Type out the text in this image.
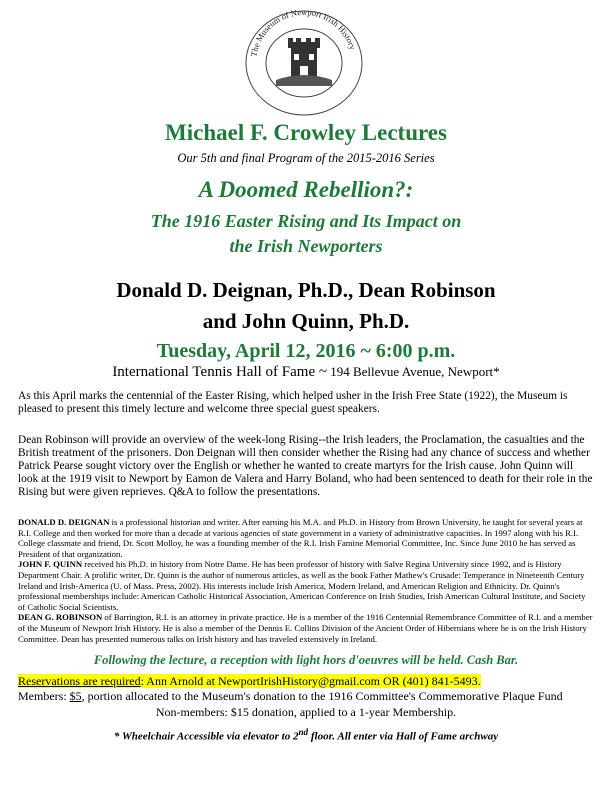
The Museum of Newport Irish History
Michael F. Crowley Lectures
Our 5th and final Program of the 2015-2016 Series
A Doomed Rebellion?:
The 1916 Easter Rising and Its Impact on
the Irish Newporters
Donald D. Deignan, Ph.D., Dean Robinson
and John Quinn, Ph.D.
Tuesday, April 12, 2016 ~ 6:00 p.m.
International Tennis Hall of Fame ~ 194 Bellevue Avenue, Newport*
As this April marks the centennial of the Easter Rising, which helped usher in the Irish Free State (1922), the Museum is pleased to present this timely lecture and welcome three special guest speakers.
Dean Robinson will provide an overview of the week-long Rising--the Irish leaders, the Proclamation, the casualties and the British treatment of the prisoners. Don Deignan will then consider whether the Rising had any chance of success and whether Patrick Pearse sought victory over the English or whether he wanted to create martyrs for the Irish cause. John Quinn will look at the 1919 visit to Newport by Eamon de Valera and Harry Boland, who had been sentenced to death for their role in the Rising but were given reprieves. Q&A to follow the presentations.

DONALD D. DEIGNAN is a professional historian and writer. After earning his M.A. and Ph.D. in History from Brown University, he taught for several years at R.I. College and then worked for more than a decade at various agencies of state government in a variety of administrative capacities. In 1997 along with his R.I. College classmate and friend, Dr. Scott Molloy, he was a founding member of the R.I. Irish Famine Memorial Committee, Inc. Since June 2010 he has served as President of that organization.

JOHN F. QUINN received his Ph.D. in history from Notre Dame. He has been professor of history with Salve Regina University since 1992, and is History Department Chair. A prolific writer, Dr. Quinn is the author of numerous articles, as well as the book Father Mathew's Crusade: Temperance in Nineteenth Century Ireland and Irish-America (U. of Mass. Press, 2002). His interests include Irish America, Modern Ireland, and American Religion and Ethnicity. Dr. Quinn's professional memberships include: American Catholic Historical Association, American Conference on Irish Studies, Irish American Cultural Institute, and Society of Catholic Social Scientists.

DEAN G. ROBINSON of Barrington, R.I. is an attorney in private practice. He is a member of the 1916 Centennial Remembrance Committee of R.I. and a member of the Museum of Newport Irish History. He is also a member of the Dennis E. Collins Division of the Ancient Order of Hibernians where he is on the Irish History Committee. Dean has presented numerous talks on Irish history and has traveled extensively in Ireland.

Following the lecture, a reception with light hors d'oeuvres will be held. Cash Bar.
Reservations are required: Ann Arnold at NewportIrishHistory@gmail.com OR (401) 841-5493.
Members: $5, portion allocated to the Museum's donation to the 1916 Committee's Commemorative Plaque Fund
Non-members: $15 donation, applied to a 1-year Membership.
* Wheelchair Accessible via elevator to 2nd floor. All enter via Hall of Fame archway
